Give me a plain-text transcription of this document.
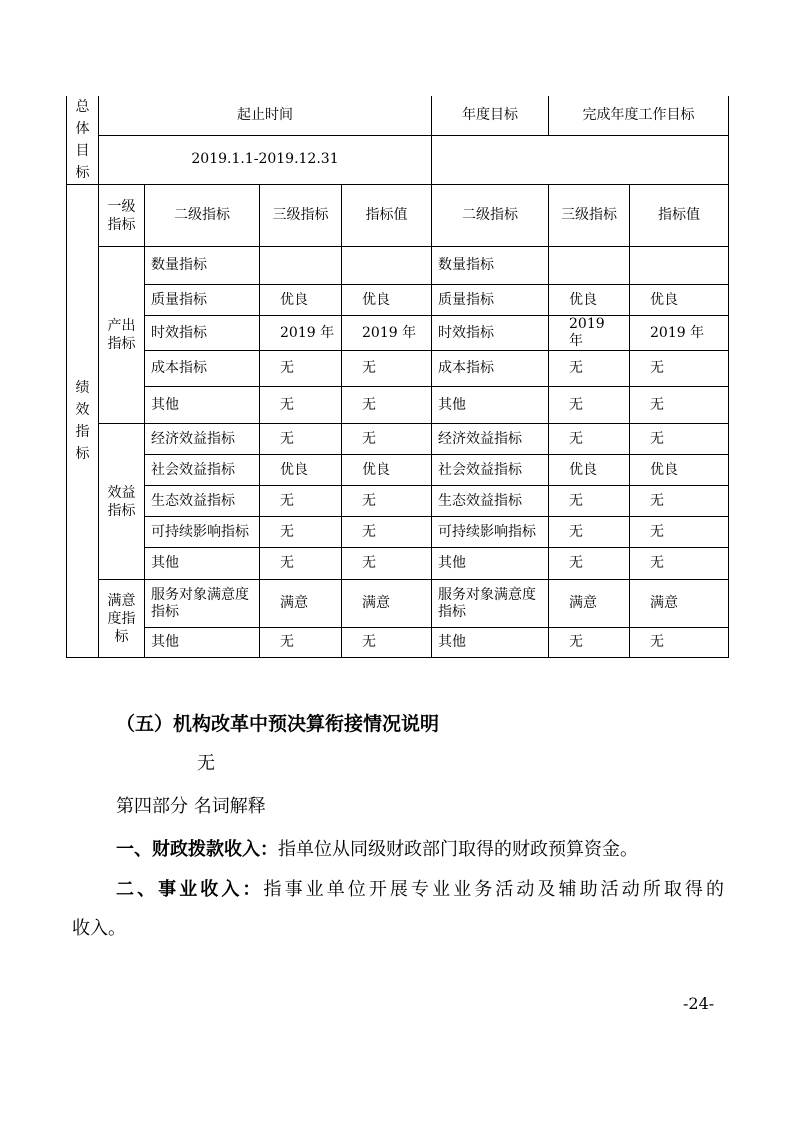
总体目标	起止时间				年度目标	完成年度工作目标	
	2019.1.1-2019.12.31						

绩效指标	一级指标	二级指标	三级指标	指标值	二级指标	三级指标	指标值

	产出指标	数量指标			数量指标		
		质量指标	优良	优良	质量指标	优良	优良
		时效指标	2019 年	2019 年	时效指标	2019 年	2019 年
		成本指标	无	无	成本指标	无	无
		其他	无	无	其他	无	无

	效益指标	经济效益指标	无	无	经济效益指标	无	无
		社会效益指标	优良	优良	社会效益指标	优良	优良
		生态效益指标	无	无	生态效益指标	无	无
		可持续影响指标	无	无	可持续影响指标	无	无
		其他	无	无	其他	无	无

	满意度指标	服务对象满意度指标	满意	满意	服务对象满意度指标	满意	满意
		其他	无	无	其他	无	无

（五）机构改革中预决算衔接情况说明

无

第四部分 名词解释

一、财政拨款收入：指单位从同级财政部门取得的财政预算资金。

二、事业收入：指事业单位开展专业业务活动及辅助活动所取得的

收入。

-24-
